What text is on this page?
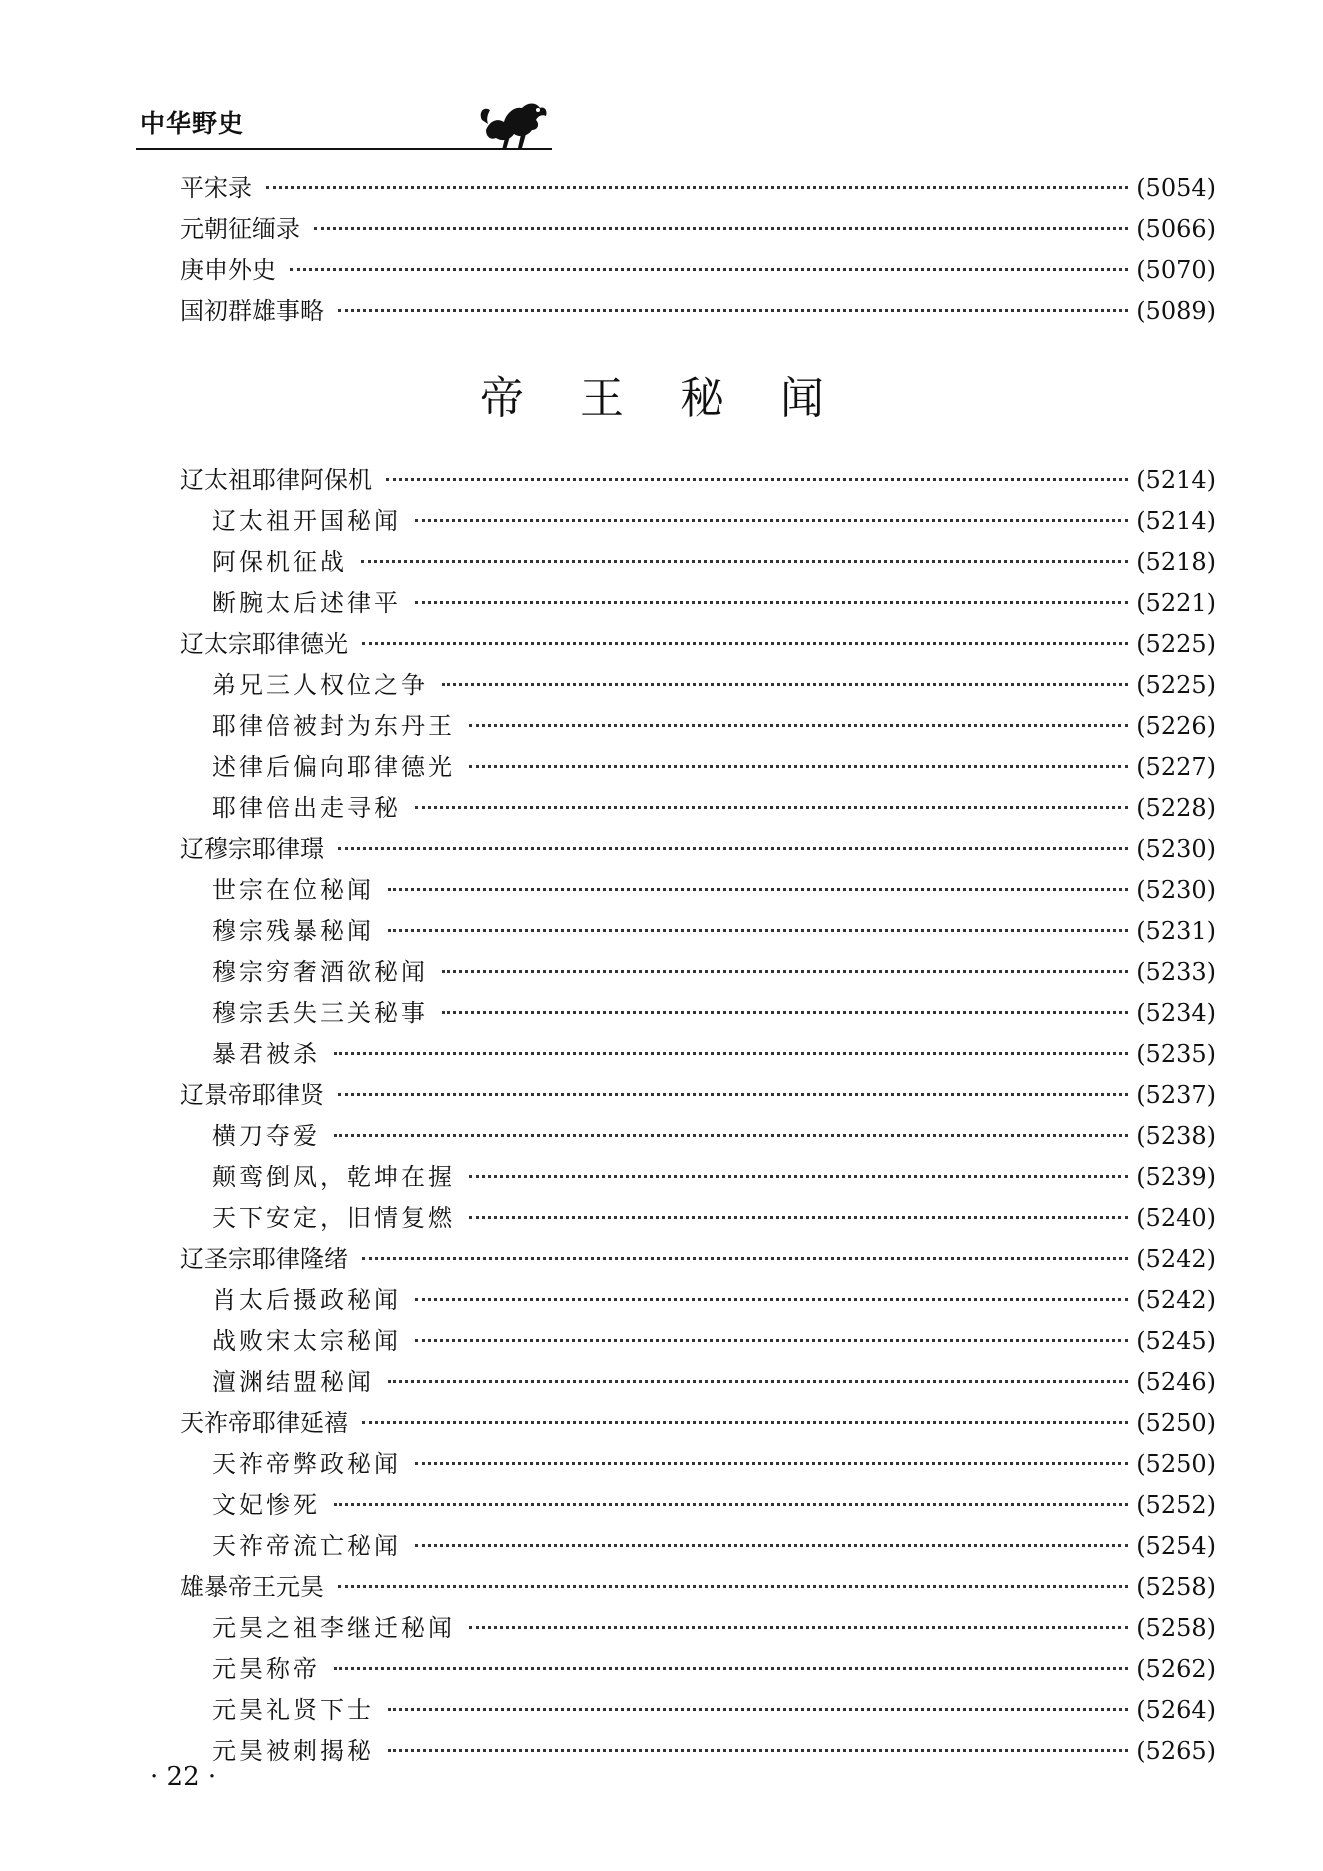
中华野史
平宋录	(5054)
元朝征缅录	(5066)
庚申外史	(5070)
国初群雄事略	(5089)
帝王秘闻
辽太祖耶律阿保机	(5214)
辽太祖开国秘闻	(5214)
阿保机征战	(5218)
断腕太后述律平	(5221)
辽太宗耶律德光	(5225)
弟兄三人权位之争	(5225)
耶律倍被封为东丹王	(5226)
述律后偏向耶律德光	(5227)
耶律倍出走寻秘	(5228)
辽穆宗耶律璟	(5230)
世宗在位秘闻	(5230)
穆宗残暴秘闻	(5231)
穆宗穷奢酒欲秘闻	(5233)
穆宗丢失三关秘事	(5234)
暴君被杀	(5235)
辽景帝耶律贤	(5237)
横刀夺爱	(5238)
颠鸾倒凤，乾坤在握	(5239)
天下安定，旧情复燃	(5240)
辽圣宗耶律隆绪	(5242)
肖太后摄政秘闻	(5242)
战败宋太宗秘闻	(5245)
澶渊结盟秘闻	(5246)
天祚帝耶律延禧	(5250)
天祚帝弊政秘闻	(5250)
文妃惨死	(5252)
天祚帝流亡秘闻	(5254)
雄暴帝王元昊	(5258)
元昊之祖李继迁秘闻	(5258)
元昊称帝	(5262)
元昊礼贤下士	(5264)
元昊被刺揭秘	(5265)
· 22 ·
